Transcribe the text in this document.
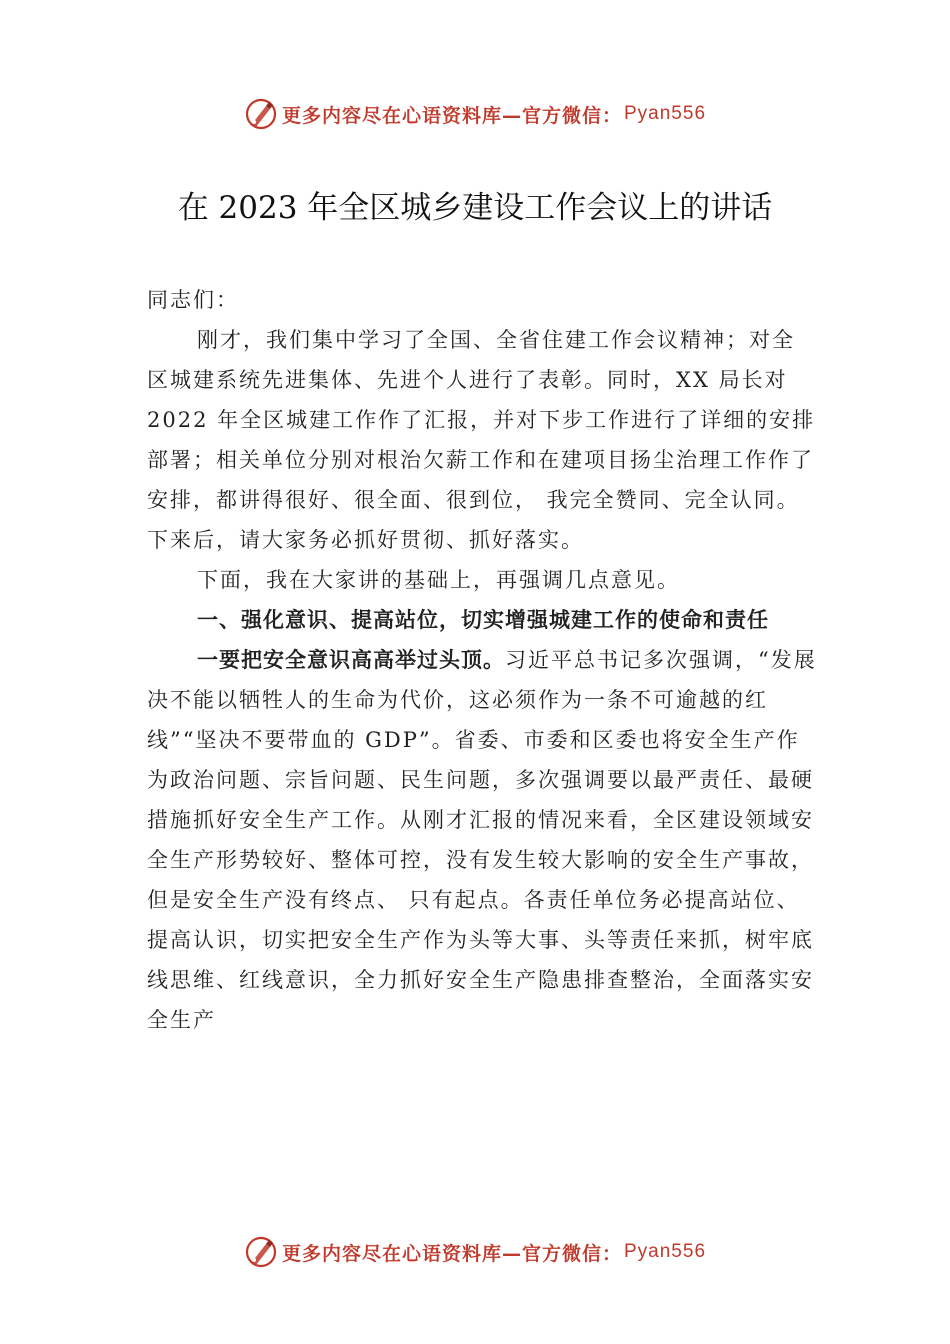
更多内容尽在心语资料库—官方微信： Pyan556
在 2023 年全区城乡建设工作会议上的讲话

同志们：

刚才，我们集中学习了全国、全省住建工作会议精神；对全区城建系统先进集体、先进个人进行了表彰。同时，XX 局长对 2022 年全区城建工作作了汇报，并对下步工作进行了详细的安排部署；相关单位分别对根治欠薪工作和在建项目扬尘治理工作作了安排，都讲得很好、很全面、很到位， 我完全赞同、完全认同。下来后，请大家务必抓好贯彻、抓好落实。

下面，我在大家讲的基础上，再强调几点意见。

一、强化意识、提高站位，切实增强城建工作的使命和责任

一要把安全意识高高举过头顶。习近平总书记多次强调，“发展决不能以牺牲人的生命为代价，这必须作为一条不可逾越的红线”“坚决不要带血的 GDP”。省委、市委和区委也将安全生产作为政治问题、宗旨问题、民生问题，多次强调要以最严责任、最硬措施抓好安全生产工作。从刚才汇报的情况来看，全区建设领域安全生产形势较好、整体可控，没有发生较大影响的安全生产事故，但是安全生产没有终点、 只有起点。各责任单位务必提高站位、提高认识，切实把安全生产作为头等大事、头等责任来抓，树牢底线思维、红线意识，全力抓好安全生产隐患排查整治，全面落实安全生产

更多内容尽在心语资料库—官方微信： Pyan556
